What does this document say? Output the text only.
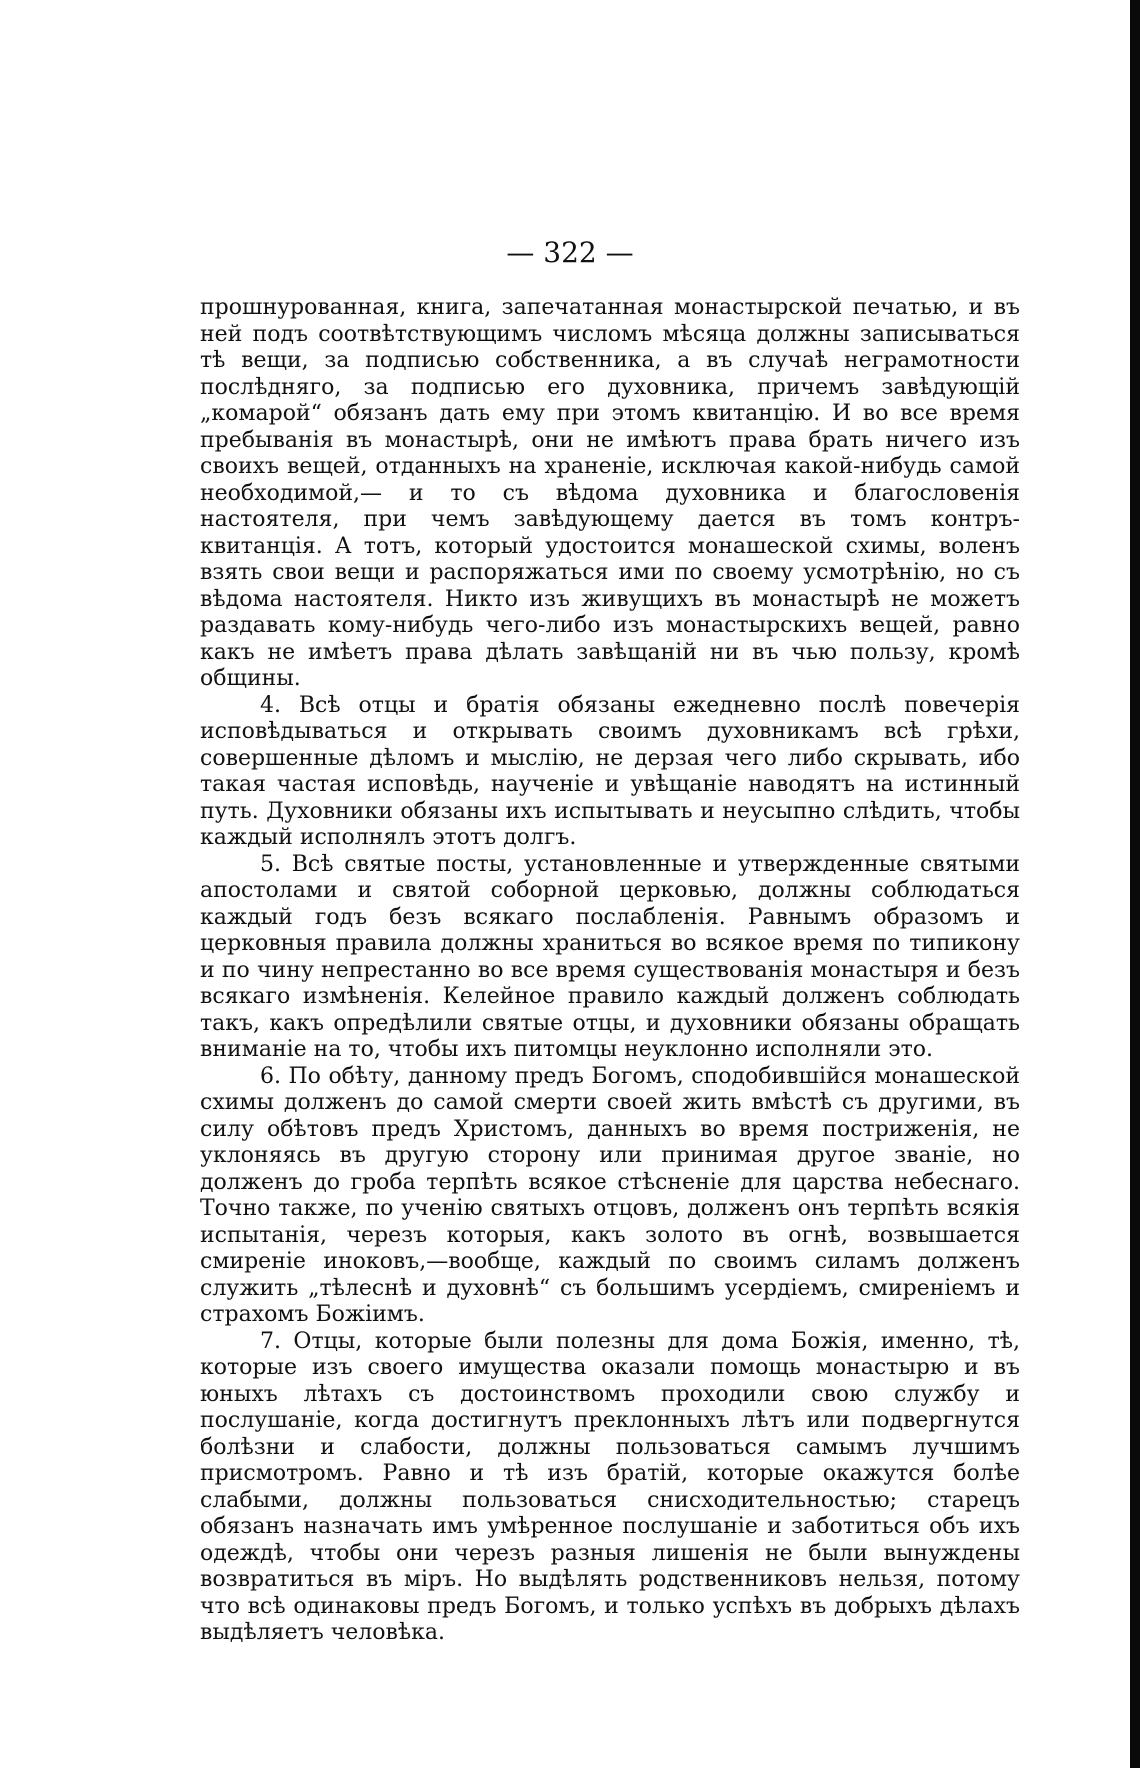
— 322 —

прошнурованная, книга, запечатанная монастырской печатью, и въ ней подъ соотвѣтствующимъ числомъ мѣсяца должны записываться тѣ вещи, за подписью собственника, а въ случаѣ неграмотности послѣдняго, за подписью его духовника, причемъ завѣдующій „комарой“ обязанъ дать ему при этомъ квитанцію. И во все время пребыванія въ монастырѣ, они не имѣютъ права брать ничего изъ своихъ вещей, отданныхъ на храненіе, исключая какой-нибудь самой необходимой,— и то съ вѣдома духовника и благословенія настоятеля, при чемъ завѣдующему дается въ томъ контръ-квитанція. А тотъ, который удостоится монашеской схимы, воленъ взять свои вещи и распоряжаться ими по своему усмотрѣнію, но съ вѣдома настоятеля. Никто изъ живущихъ въ монастырѣ не можетъ раздавать кому-нибудь чего-либо изъ монастырскихъ вещей, равно какъ не имѣетъ права дѣлать завѣщаній ни въ чью пользу, кромѣ общины.

4. Всѣ отцы и братія обязаны ежедневно послѣ повечерія исповѣдываться и открывать своимъ духовникамъ всѣ грѣхи, совершенные дѣломъ и мыслію, не дерзая чего либо скрывать, ибо такая частая исповѣдь, наученіе и увѣщаніе наводятъ на истинный путь. Духовники обязаны ихъ испытывать и неусыпно слѣдить, чтобы каждый исполнялъ этотъ долгъ.

5. Всѣ святые посты, установленные и утвержденные святыми апостолами и святой соборной церковью, должны соблюдаться каждый годъ безъ всякаго послабленія. Равнымъ образомъ и церковныя правила должны храниться во всякое время по типикону и по чину непрестанно во все время существованія монастыря и безъ всякаго измѣненія. Келейное правило каждый долженъ соблюдать такъ, какъ опредѣлили святые отцы, и духовники обязаны обращать вниманіе на то, чтобы ихъ питомцы неуклонно исполняли это.

6. По обѣту, данному предъ Богомъ, сподобившійся монашеской схимы долженъ до самой смерти своей жить вмѣстѣ съ другими, въ силу обѣтовъ предъ Христомъ, данныхъ во время постриженія, не уклоняясь въ другую сторону или принимая другое званіе, но долженъ до гроба терпѣть всякое стѣсненіе для царства небеснаго. Точно также, по ученію святыхъ отцовъ, долженъ онъ терпѣть всякія испытанія, черезъ которыя, какъ золото въ огнѣ, возвышается смиреніе иноковъ,—вообще, каждый по своимъ силамъ долженъ служить „тѣлеснѣ и духовнѣ“ съ большимъ усердіемъ, смиреніемъ и страхомъ Божіимъ.

7. Отцы, которые были полезны для дома Божія, именно, тѣ, которые изъ своего имущества оказали помощь монастырю и въ юныхъ лѣтахъ съ достоинствомъ проходили свою службу и послушаніе, когда достигнутъ преклонныхъ лѣтъ или подвергнутся болѣзни и слабости, должны пользоваться самымъ лучшимъ присмотромъ. Равно и тѣ изъ братій, которые окажутся болѣе слабыми, должны пользоваться снисходительностью; старецъ обязанъ назначать имъ умѣренное послушаніе и заботиться объ ихъ одеждѣ, чтобы они черезъ разныя лишенія не были вынуждены возвратиться въ міръ. Но выдѣлять родственниковъ нельзя, потому что всѣ одинаковы предъ Богомъ, и только успѣхъ въ добрыхъ дѣлахъ выдѣляетъ человѣка.
